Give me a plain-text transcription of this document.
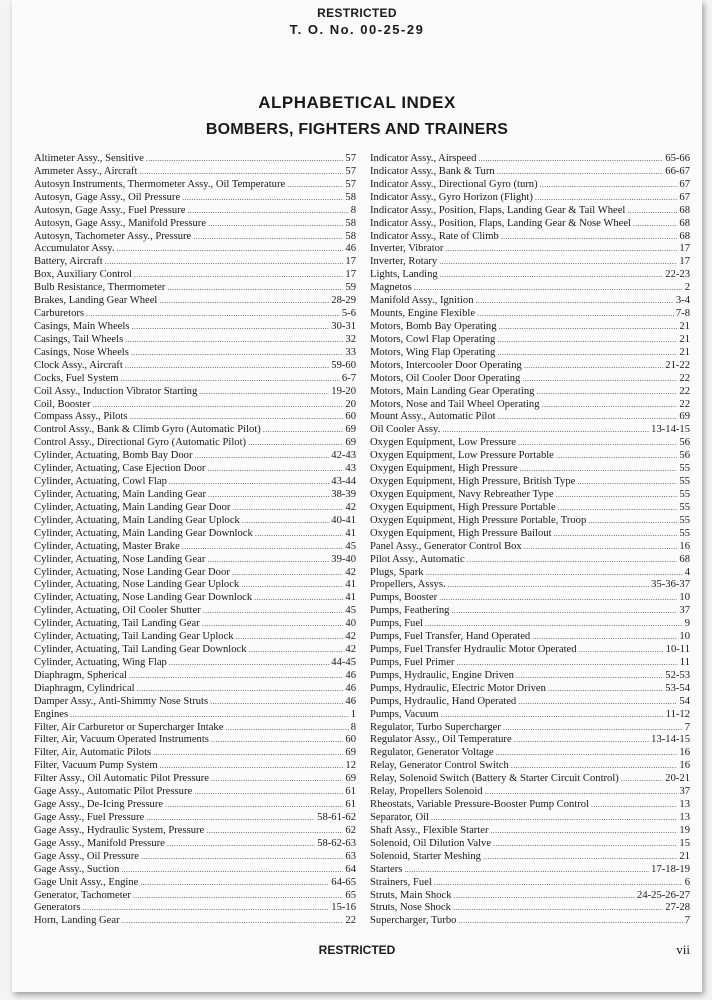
RESTRICTED
T. O. No. 00-25-29
ALPHABETICAL INDEX
BOMBERS, FIGHTERS AND TRAINERS
Altimeter Assy., Sensitive .....	57
Ammeter Assy., Aircraft .....	57
Autosyn Instruments, Thermometer Assy., Oil Temperature .....	57
Autosyn, Gage Assy., Oil Pressure .....	58
Autosyn, Gage Assy., Fuel Pressure .....	8
Autosyn, Gage Assy., Manifold Pressure .....	58
Autosyn, Tachometer Assy., Pressure .....	58
Accumulator Assy. .....	46
Battery, Aircraft .....	17
Box, Auxiliary Control .....	17
Bulb Resistance, Thermometer .....	59
Brakes, Landing Gear Wheel .....	28-29
Carburetors .....	5-6
Casings, Main Wheels .....	30-31
Casings, Tail Wheels .....	32
Casings, Nose Wheels .....	33
Clock Assy., Aircraft .....	59-60
Cocks, Fuel System .....	6-7
Coil Assy., Induction Vibrator Starting .....	19-20
Coil, Booster .....	20
Compass Assy., Pilots .....	60
Control Assy., Bank & Climb Gyro (Automatic Pilot) .....	69
Control Assy., Directional Gyro (Automatic Pilot) .....	69
Cylinder, Actuating, Bomb Bay Door .....	42-43
Cylinder, Actuating, Case Ejection Door .....	43
Cylinder, Actuating, Cowl Flap .....	43-44
Cylinder, Actuating, Main Landing Gear .....	38-39
Cylinder, Actuating, Main Landing Gear Door .....	42
Cylinder, Actuating, Main Landing Gear Uplock .....	40-41
Cylinder, Actuating, Main Landing Gear Downlock .....	41
Cylinder, Actuating, Master Brake .....	45
Cylinder, Actuating, Nose Landing Gear .....	39-40
Cylinder, Actuating, Nose Landing Gear Door .....	42
Cylinder, Actuating, Nose Landing Gear Uplock .....	41
Cylinder, Actuating, Nose Landing Gear Downlock .....	41
Cylinder, Actuating, Oil Cooler Shutter .....	45
Cylinder, Actuating, Tail Landing Gear .....	40
Cylinder, Actuating, Tail Landing Gear Uplock .....	42
Cylinder, Actuating, Tail Landing Gear Downlock .....	42
Cylinder, Actuating, Wing Flap .....	44-45
Diaphragm, Spherical .....	46
Diaphragm, Cylindrical .....	46
Damper Assy., Anti-Shimmy Nose Struts .....	46
Engines .....	1
Filter, Air Carburetor or Supercharger Intake .....	8
Filter, Air, Vacuum Operated Instruments .....	60
Filter, Air, Automatic Pilots .....	69
Filter, Vacuum Pump System .....	12
Filter Assy., Oil Automatic Pilot Pressure .....	69
Gage Assy., Automatic Pilot Pressure .....	61
Gage Assy., De-Icing Pressure .....	61
Gage Assy., Fuel Pressure .....	58-61-62
Gage Assy., Hydraulic System, Pressure .....	62
Gage Assy., Manifold Pressure .....	58-62-63
Gage Assy., Oil Pressure .....	63
Gage Assy., Suction .....	64
Gage Unit Assy., Engine .....	64-65
Generator, Tachometer .....	65
Generators .....	15-16
Horn, Landing Gear .....	22
Indicator Assy., Airspeed .....	65-66
Indicator Assy., Bank & Turn .....	66-67
Indicator Assy., Directional Gyro (turn) .....	67
Indicator Assy., Gyro Horizon (Flight) .....	67
Indicator Assy., Position, Flaps, Landing Gear & Tail Wheel .....	68
Indicator Assy., Position, Flaps, Landing Gear & Nose Wheel .....	68
Indicator Assy., Rate of Climb .....	68
Inverter, Vibrator .....	17
Inverter, Rotary .....	17
Lights, Landing .....	22-23
Magnetos .....	2
Manifold Assy., Ignition .....	3-4
Mounts, Engine Flexible .....	7-8
Motors, Bomb Bay Operating .....	21
Motors, Cowl Flap Operating .....	21
Motors, Wing Flap Operating .....	21
Motors, Intercooler Door Operating .....	21-22
Motors, Oil Cooler Door Operating .....	22
Motors, Main Landing Gear Operating .....	22
Motors, Nose and Tail Wheel Operating .....	22
Mount Assy., Automatic Pilot .....	69
Oil Cooler Assy. .....	13-14-15
Oxygen Equipment, Low Pressure .....	56
Oxygen Equipment, Low Pressure Portable .....	56
Oxygen Equipment, High Pressure .....	55
Oxygen Equipment, High Pressure, British Type .....	55
Oxygen Equipment, Navy Rebreather Type .....	55
Oxygen Equipment, High Pressure Portable .....	55
Oxygen Equipment, High Pressure Portable, Troop .....	55
Oxygen Equipment, High Pressure Bailout .....	55
Panel Assy., Generator Control Box .....	16
Pilot Assy., Automatic .....	68
Plugs, Spark .....	4
Propellers, Assys. .....	35-36-37
Pumps, Booster .....	10
Pumps, Feathering .....	37
Pumps, Fuel .....	9
Pumps, Fuel Transfer, Hand Operated .....	10
Pumps, Fuel Transfer Hydraulic Motor Operated .....	10-11
Pumps, Fuel Primer .....	11
Pumps, Hydraulic, Engine Driven .....	52-53
Pumps, Hydraulic, Electric Motor Driven .....	53-54
Pumps, Hydraulic, Hand Operated .....	54
Pumps, Vacuum .....	11-12
Regulator, Turbo Supercharger .....	7
Regulator Assy., Oil Temperature .....	13-14-15
Regulator, Generator Voltage .....	16
Relay, Generator Control Switch .....	16
Relay, Solenoid Switch (Battery & Starter Circuit Control) .....	20-21
Relay, Propellers Solenoid .....	37
Rheostats, Variable Pressure-Booster Pump Control .....	13
Separator, Oil .....	13
Shaft Assy., Flexible Starter .....	19
Solenoid, Oil Dilution Valve .....	15
Solenoid, Starter Meshing .....	21
Starters .....	17-18-19
Strainers, Fuel .....	6
Struts, Main Shock .....	24-25-26-27
Struts, Nose Shock .....	27-28
Supercharger, Turbo .....	7
RESTRICTED	vii
